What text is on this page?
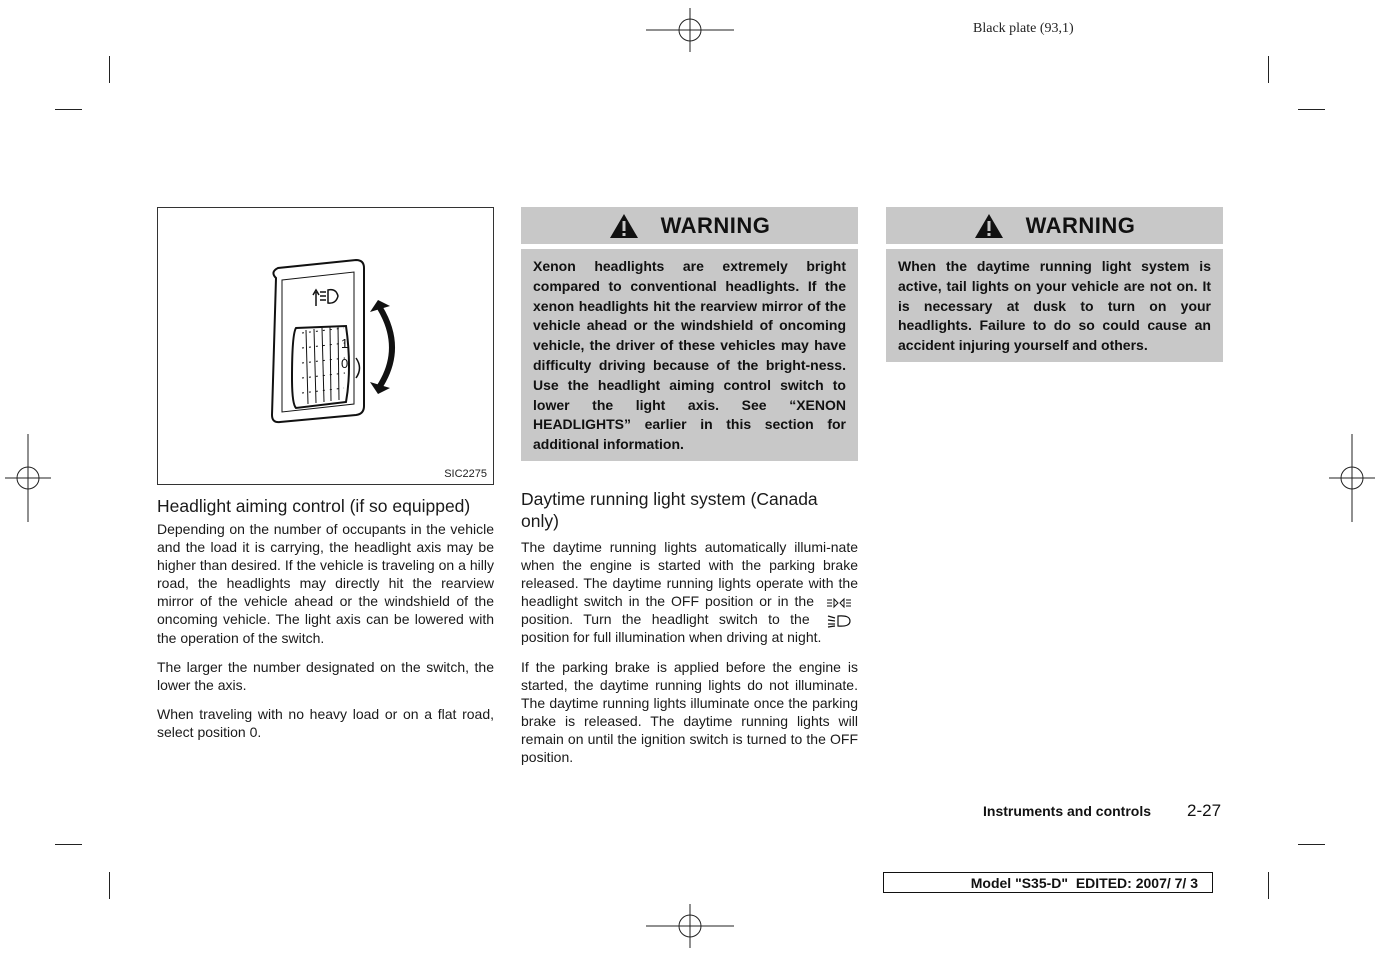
Black plate (93,1)
1
0
SIC2275
Headlight aiming control (if so equipped)

Depending on the number of occupants in the vehicle and the load it is carrying, the headlight axis may be higher than desired. If the vehicle is traveling on a hilly road, the headlights may directly hit the rearview mirror of the vehicle ahead or the windshield of the oncoming vehicle. The light axis can be lowered with the operation of the switch.

The larger the number designated on the switch, the lower the axis.

When traveling with no heavy load or on a flat road, select position 0.

WARNING
Xenon headlights are extremely bright compared to conventional headlights. If the xenon headlights hit the rearview mirror of the vehicle ahead or the windshield of oncoming vehicle, the driver of these vehicles may have difficulty driving because of the bright-ness. Use the headlight aiming control switch to lower the light axis. See “XENON HEADLIGHTS” earlier in this section for additional information.
Daytime running light system (Canada only)

The daytime running lights automatically illumi-nate when the engine is started with the parking brake released. The daytime running lights operate with the headlight switch in the OFF position or in the  position. Turn the headlight switch to the  position for full illumination when driving at night.

If the parking brake is applied before the engine is started, the daytime running lights do not illuminate. The daytime running lights illuminate once the parking brake is released. The daytime running lights will remain on until the ignition switch is turned to the OFF position.

WARNING
When the daytime running light system is active, tail lights on your vehicle are not on. It is necessary at dusk to turn on your headlights. Failure to do so could cause an accident injuring yourself and others.
Instruments and controls 2-27
Model "S35-D" EDITED: 2007/ 7/ 3
